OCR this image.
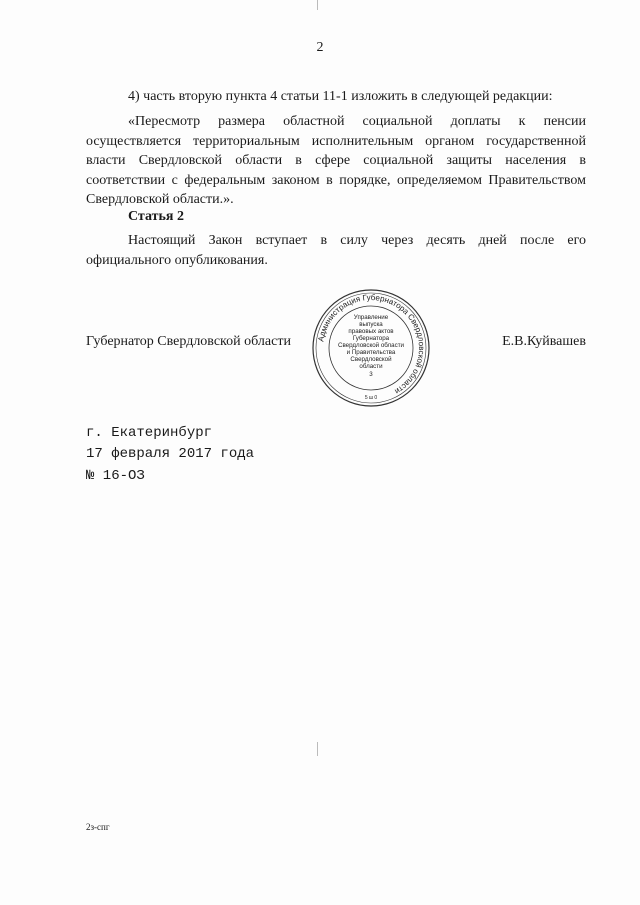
2
4) часть вторую пункта 4 статьи 11-1 изложить в следующей редакции:
«Пересмотр размера областной социальной доплаты к пенсии осуществляется территориальным исполнительным органом государственной власти Свердловской области в сфере социальной защиты населения в соответствии с федеральным законом в порядке, определяемом Правительством Свердловской области.».
Статья 2
Настоящий Закон вступает в силу через десять дней после его официального опубликования.
Администрация Губернатора Свердловской области
Управление
выпуска
правовых актов
Губернатора
Свердловской области
и Правительства
Свердловской
области
3
5 ш 0
Губернатор Свердловской области	Е.В.Куйвашев
г. Екатеринбург
17 февраля 2017 года
№ 16-ОЗ
2з-спг
